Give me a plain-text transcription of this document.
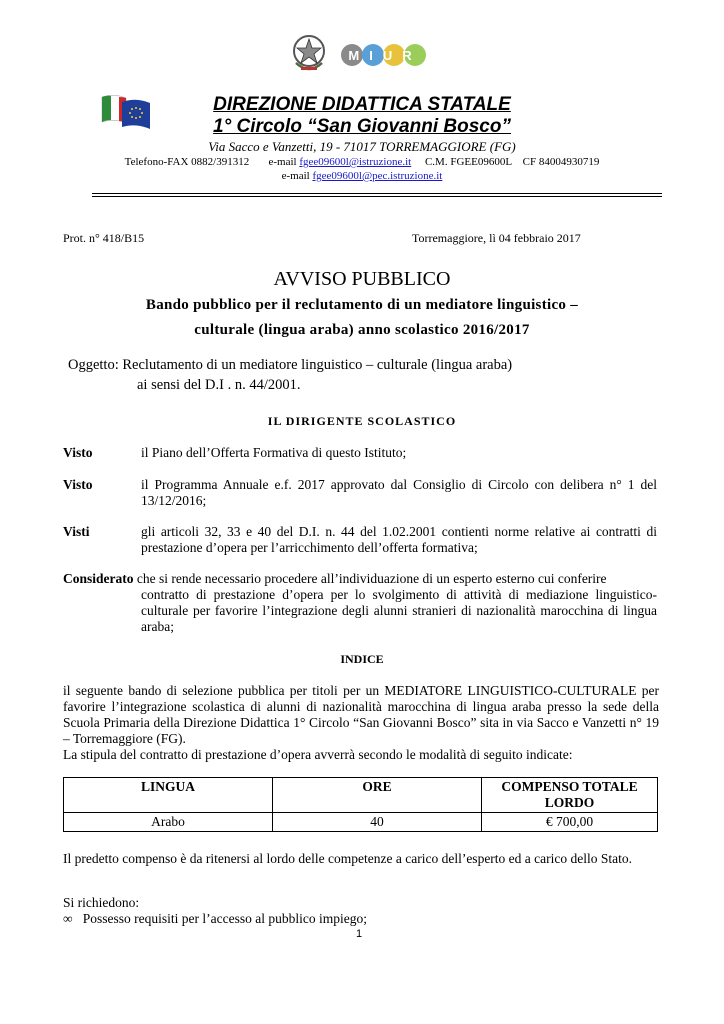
MIUR
DIREZIONE DIDATTICA STATALE
1° Circolo “San Giovanni Bosco”
Via Sacco e Vanzetti, 19 - 71017 TORREMAGGIORE (FG)
Telefono-FAX 0882/391312 e-mail fgee09600l@istruzione.it C.M. FGEE09600L CF 84004930719
e-mail fgee09600l@pec.istruzione.it
Prot. n° 418/B15	Torremaggiore, lì 04 febbraio 2017
AVVISO PUBBLICO
Bando pubblico per il reclutamento di un mediatore linguistico –
culturale (lingua araba) anno scolastico 2016/2017
Oggetto: Reclutamento di un mediatore linguistico – culturale (lingua araba)
ai sensi del D.I . n. 44/2001.
IL DIRIGENTE SCOLASTICO
Visto	il Piano dell’Offerta Formativa di questo Istituto;
Visto	il Programma Annuale e.f. 2017 approvato dal Consiglio di Circolo con delibera n° 1 del 13/12/2016;
Visti	gli articoli 32, 33 e 40 del D.I. n. 44 del 1.02.2001 contienti norme relative ai contratti di prestazione d’opera per l’arricchimento dell’offerta formativa;
Considerato che si rende necessario procedere all’individuazione di un esperto esterno cui conferire
contratto di prestazione d’opera per lo svolgimento di attività di mediazione linguistico-culturale per favorire l’integrazione degli alunni stranieri di nazionalità marocchina di lingua araba;
INDICE
il seguente bando di selezione pubblica per titoli per un MEDIATORE LINGUISTICO-CULTURALE per favorire l’integrazione scolastica di alunni di nazionalità marocchina di lingua araba presso la sede della Scuola Primaria della Direzione Didattica 1° Circolo “San Giovanni Bosco” sita in via Sacco e Vanzetti n° 19 – Torremaggiore (FG).
La stipula del contratto di prestazione d’opera avverrà secondo le modalità di seguito indicate:
LINGUA	ORE	COMPENSO TOTALE LORDO
Arabo	40	€ 700,00
Il predetto compenso è da ritenersi al lordo delle competenze a carico dell’esperto ed a carico dello Stato.
Si richiedono:
∞ Possesso requisiti per l’accesso al pubblico impiego;
1
